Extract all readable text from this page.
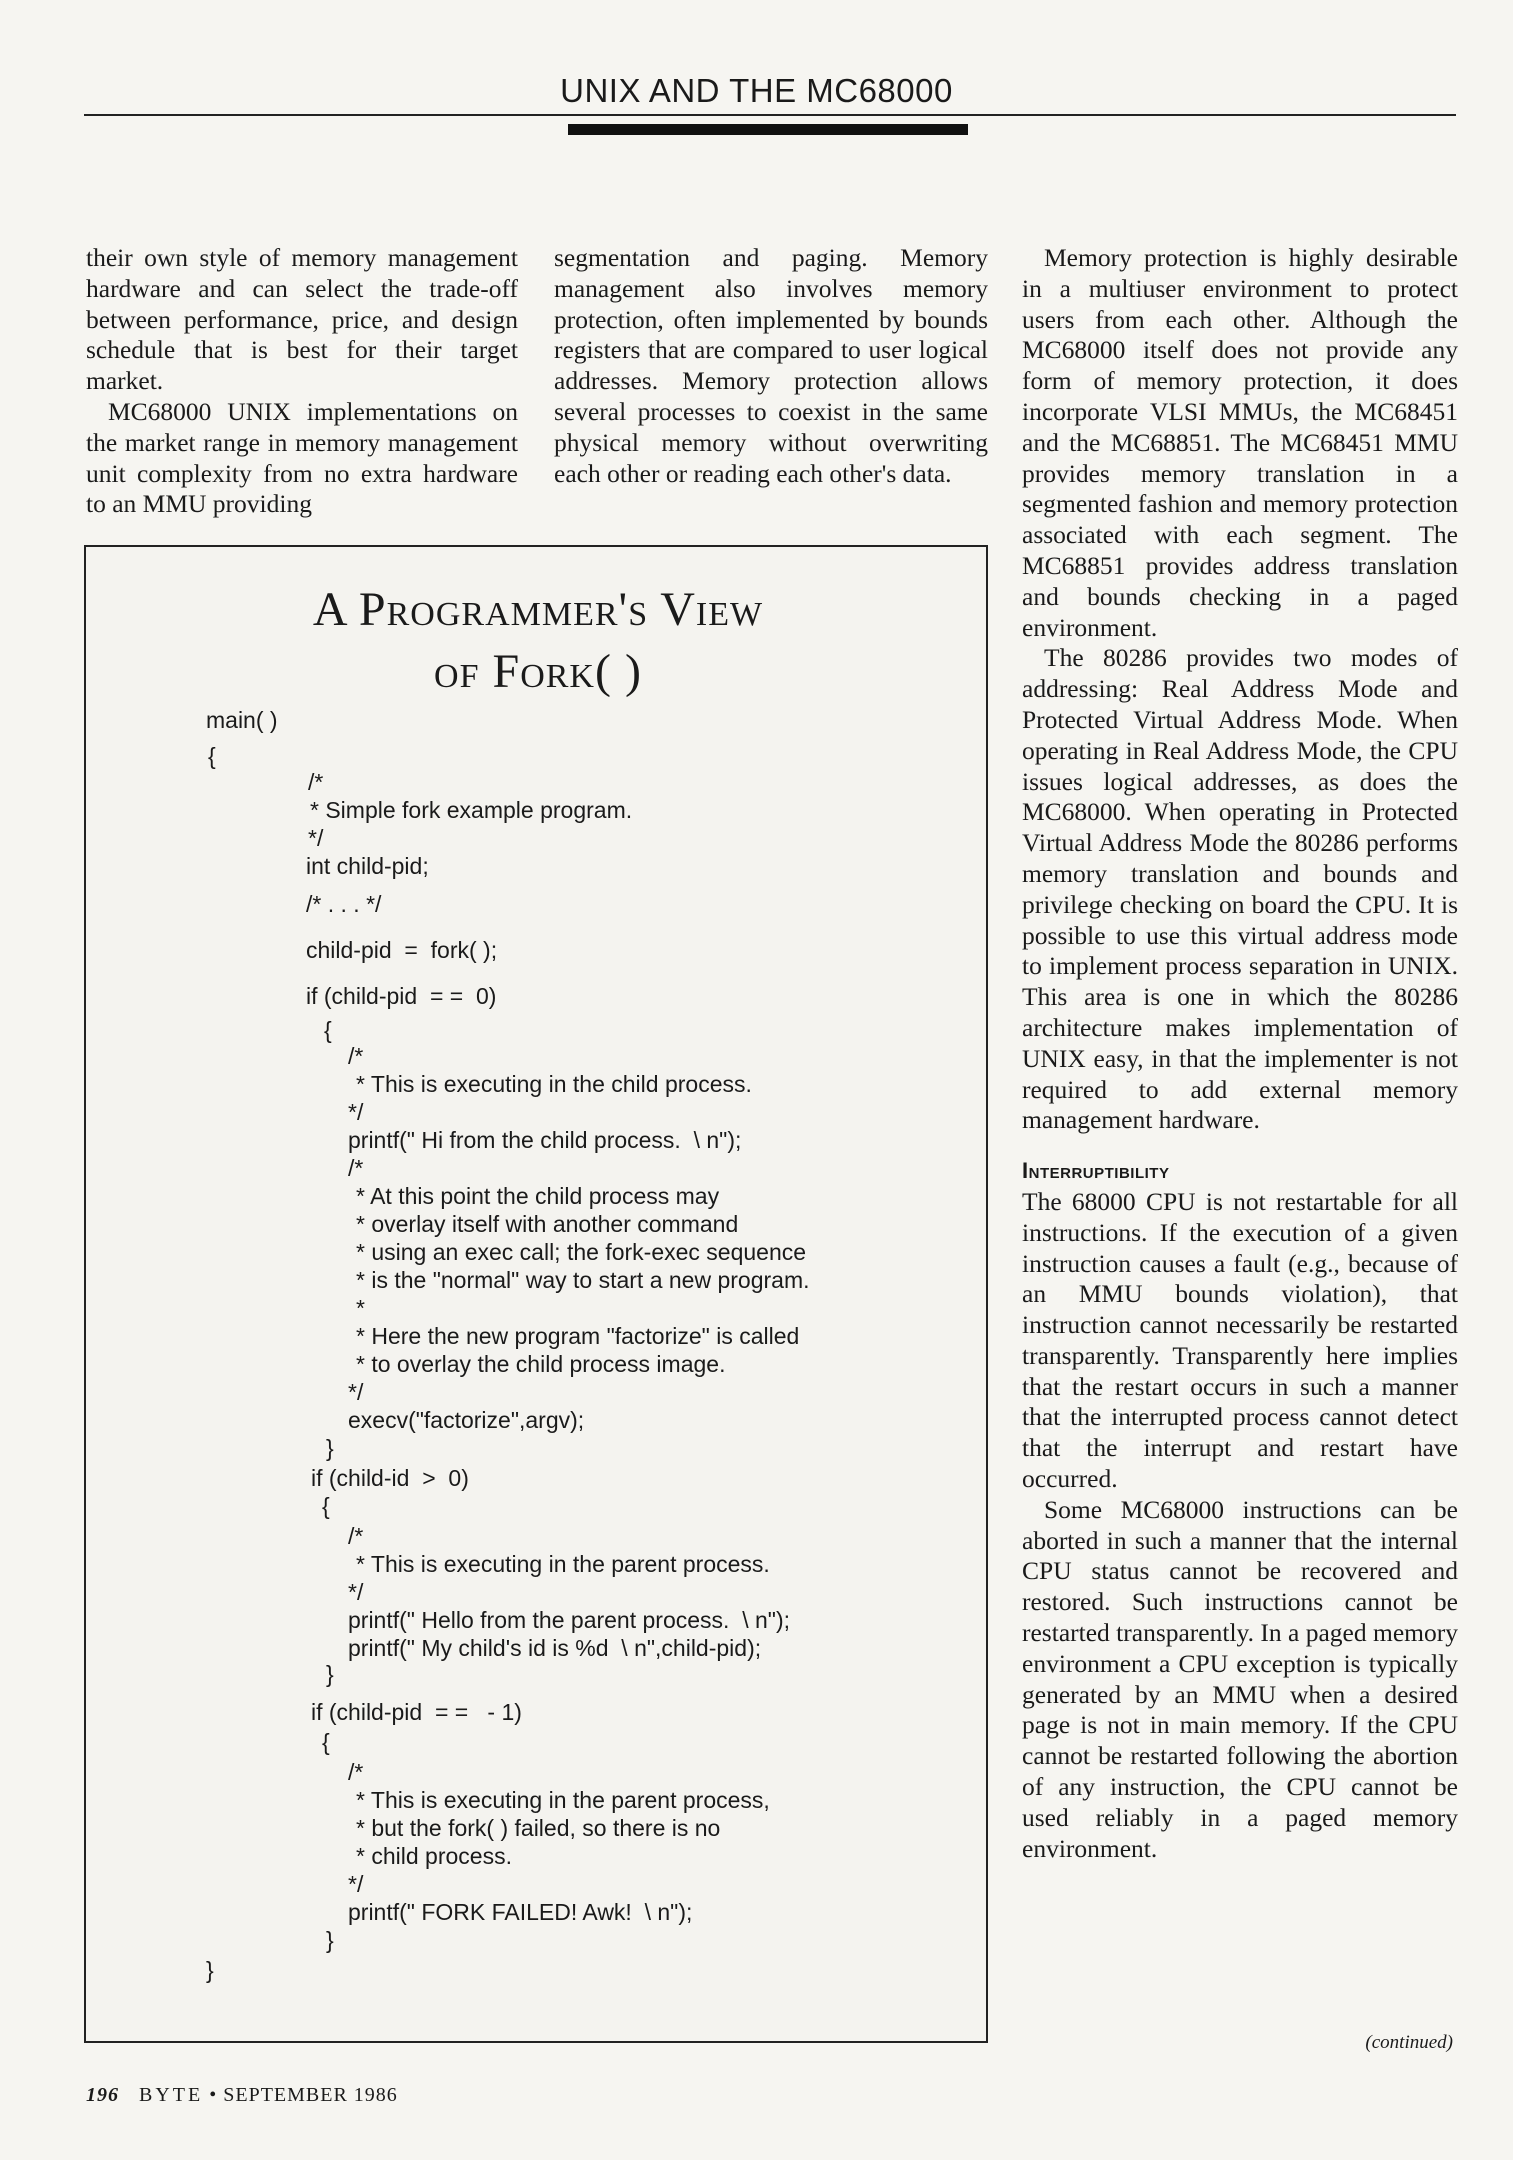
UNIX AND THE MC68000

their own style of memory management hardware and can select the trade-off between performance, price, and design schedule that is best for their target market.

MC68000 UNIX implementations on the market range in memory management unit complexity from no extra hardware to an MMU providing

segmentation and paging. Memory management also involves memory protection, often implemented by bounds registers that are compared to user logical addresses. Memory protection allows several processes to coexist in the same physical memory without overwriting each other or reading each other's data.

Memory protection is highly desirable in a multiuser environment to protect users from each other. Although the MC68000 itself does not provide any form of memory protection, it does incorporate VLSI MMUs, the MC68451 and the MC68851. The MC68451 MMU provides memory translation in a segmented fashion and memory protection associated with each segment. The MC68851 provides address translation and bounds checking in a paged environment.

The 80286 provides two modes of addressing: Real Address Mode and Protected Virtual Address Mode. When operating in Real Address Mode, the CPU issues logical addresses, as does the MC68000. When operating in Protected Virtual Address Mode the 80286 performs memory translation and bounds and privilege checking on board the CPU. It is possible to use this virtual address mode to implement process separation in UNIX. This area is one in which the 80286 architecture makes implementation of UNIX easy, in that the implementer is not required to add external memory management hardware.

Interruptibility

The 68000 CPU is not restartable for all instructions. If the execution of a given instruction causes a fault (e.g., because of an MMU bounds violation), that instruction cannot necessarily be restarted transparently. Transparently here implies that the restart occurs in such a manner that the interrupted process cannot detect that the interrupt and restart have occurred.

Some MC68000 instructions can be aborted in such a manner that the internal CPU status cannot be recovered and restored. Such instructions cannot be restarted transparently. In a paged memory environment a CPU exception is typically generated by an MMU when a desired page is not in main memory. If the CPU cannot be restarted following the abortion of any instruction, the CPU cannot be used reliably in a paged memory environment.

(continued)
A Programmer's View
of Fork( )
main( )
{
/*
* Simple fork example program.
*/
int child-pid;
/* . . . */
child-pid  =  fork( );
if (child-pid  = =  0)
{
/*
* This is executing in the child process.
*/
printf(" Hi from the child process.  \ n");
/*
* At this point the child process may
* overlay itself with another command
* using an exec call; the fork-exec sequence
* is the "normal" way to start a new program.
*
* Here the new program "factorize" is called
* to overlay the child process image.
*/
execv("factorize",argv);
}
if (child-id  >  0)
{
/*
* This is executing in the parent process.
*/
printf(" Hello from the parent process.  \ n");
printf(" My child's id is %d  \ n",child-pid);
}
if (child-pid  = =   - 1)
{
/*
* This is executing in the parent process,
* but the fork( ) failed, so there is no
* child process.
*/
printf(" FORK FAILED! Awk!  \ n");
}
}
196 BYTE • SEPTEMBER 1986
